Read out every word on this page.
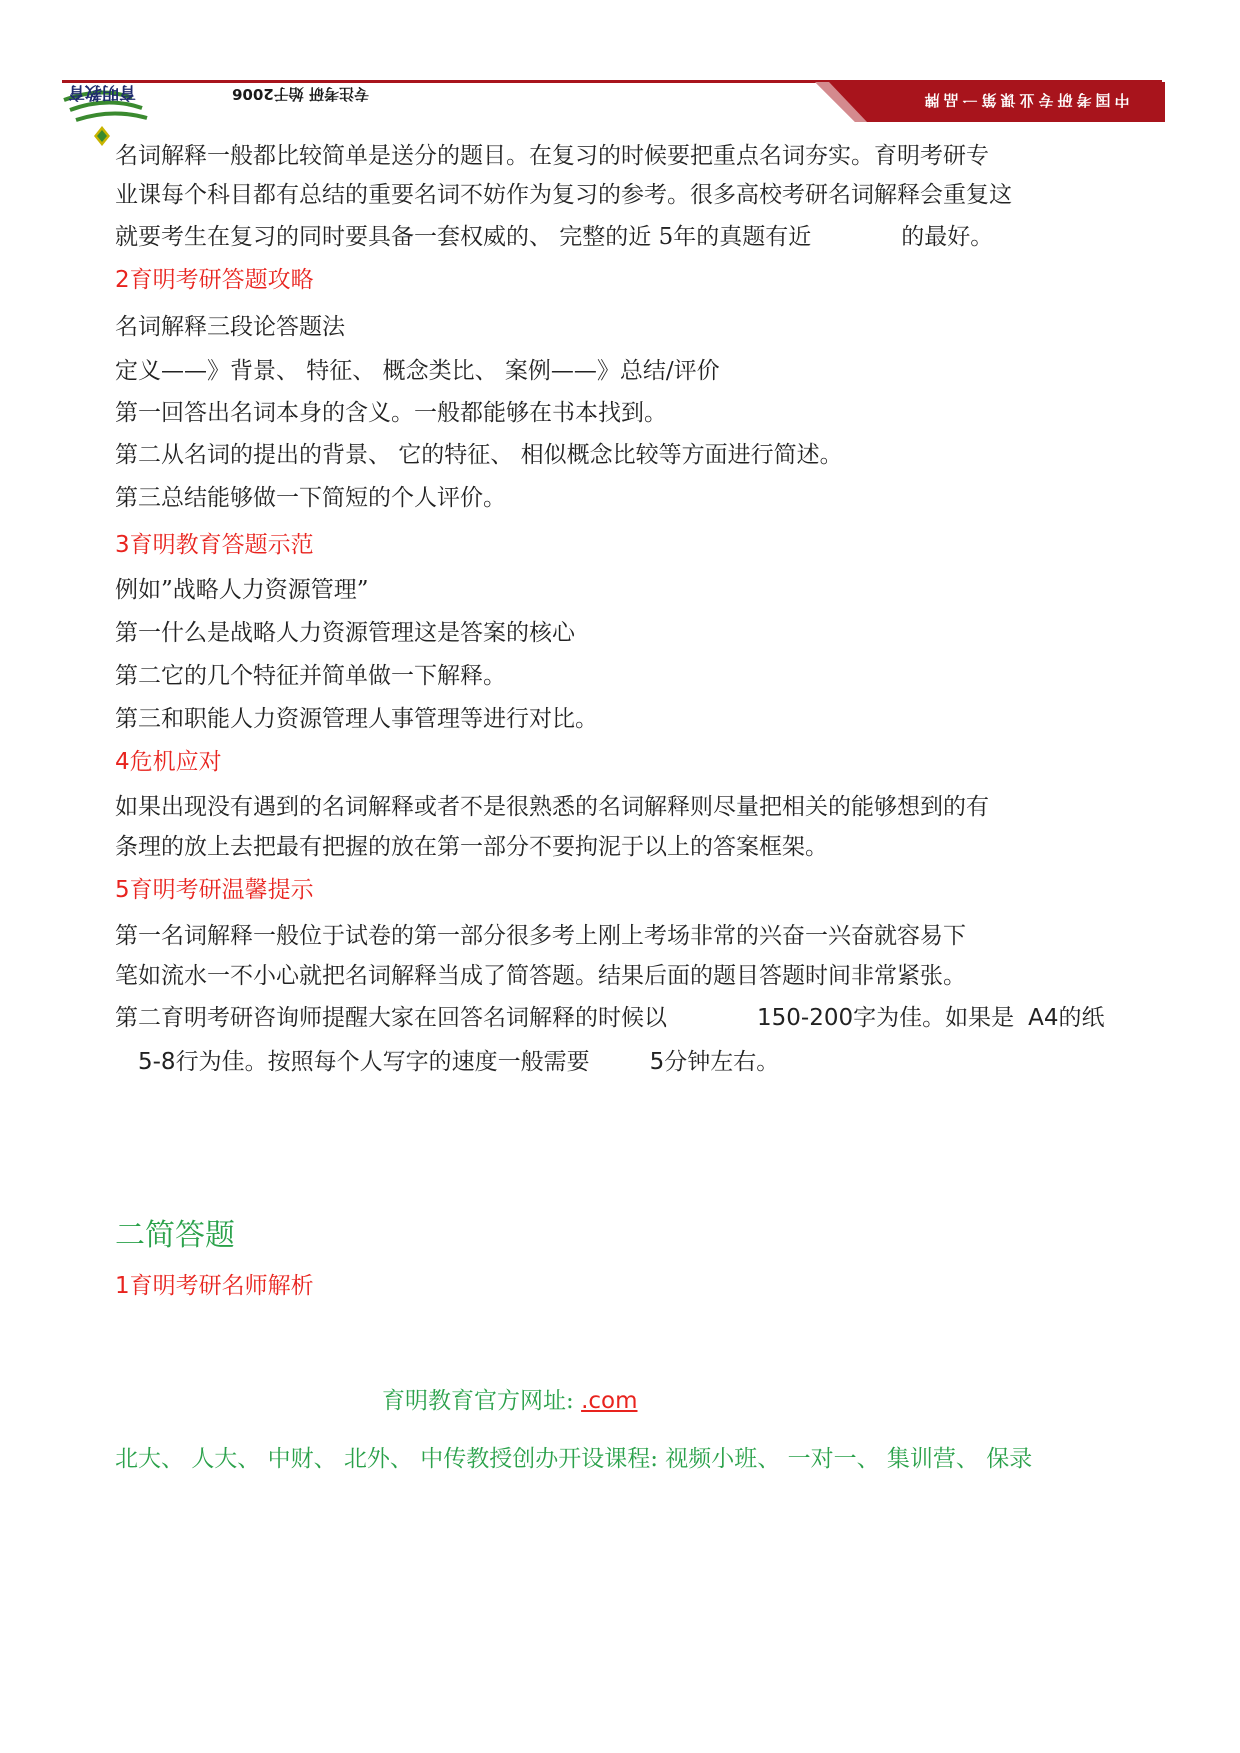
中国考研专业课第一品牌
育明教育	专注考研 始于2006
名词解释一般都比较简单是送分的题目。在复习的时候要把重点名词夯实。育明考研专
业课每个科目都有总结的重要名词不妨作为复习的参考。很多高校考研名词解释会重复这
就要考生在复习的同时要具备一套权威的、 完整的近 5年的真题有近	的最好。
2育明考研答题攻略
名词解释三段论答题法
定义——》背景、 特征、 概念类比、 案例——》总结/评价
第一回答出名词本身的含义。一般都能够在书本找到。
第二从名词的提出的背景、 它的特征、 相似概念比较等方面进行简述。
第三总结能够做一下简短的个人评价。
3育明教育答题示范
例如”战略人力资源管理”
第一什么是战略人力资源管理这是答案的核心
第二它的几个特征并简单做一下解释。
第三和职能人力资源管理人事管理等进行对比。
4危机应对
如果出现没有遇到的名词解释或者不是很熟悉的名词解释则尽量把相关的能够想到的有
条理的放上去把最有把握的放在第一部分不要拘泥于以上的答案框架。
5育明考研温馨提示
第一名词解释一般位于试卷的第一部分很多考上刚上考场非常的兴奋一兴奋就容易下
笔如流水一不小心就把名词解释当成了简答题。结果后面的题目答题时间非常紧张。
第二育明考研咨询师提醒大家在回答名词解释的时候以	150-200字为佳。如果是 A4的纸
5-8行为佳。按照每个人写字的速度一般需要	5分钟左右。
二简答题
1育明考研名师解析
育明教育官方网址: .com
北大、 人大、 中财、 北外、 中传教授创办开设课程: 视频小班、 一对一、 集训营、 保录
